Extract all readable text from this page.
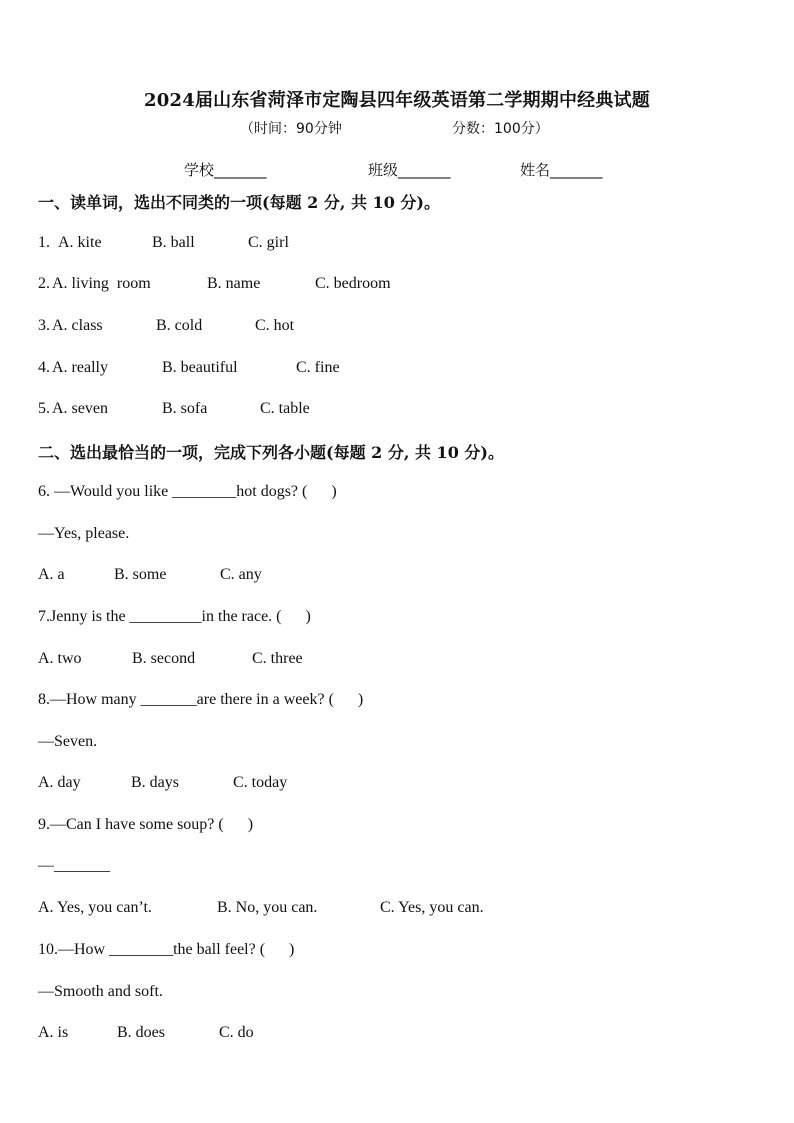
2024届山东省菏泽市定陶县四年级英语第二学期期中经典试题
（时间：90分钟	分数：100分）
学校_______	班级_______	姓名_______
一、读单词，选出不同类的一项(每题 2 分, 共 10 分)。
1. A. kite	B. ball	C. girl
2. A. living  room	B. name	C. bedroom
3. A. class	B. cold	C. hot
4. A. really	B. beautiful	C. fine
5. A. seven	B. sofa	C. table
二、选出最恰当的一项，完成下列各小题(每题 2 分, 共 10 分)。
6. —Would you like ________hot dogs? (      )
—Yes, please.
A. a	B. some	C. any
7.Jenny is the _________in the race. (      )
A. two	B. second	C. three
8.—How many _______are there in a week? (      )
—Seven.
A. day	B. days	C. today
9.—Can I have some soup? (      )
—_______
A. Yes, you can’t.	B. No, you can.	C. Yes, you can.
10.—How ________the ball feel? (      )
—Smooth and soft.
A. is	B. does	C. do
